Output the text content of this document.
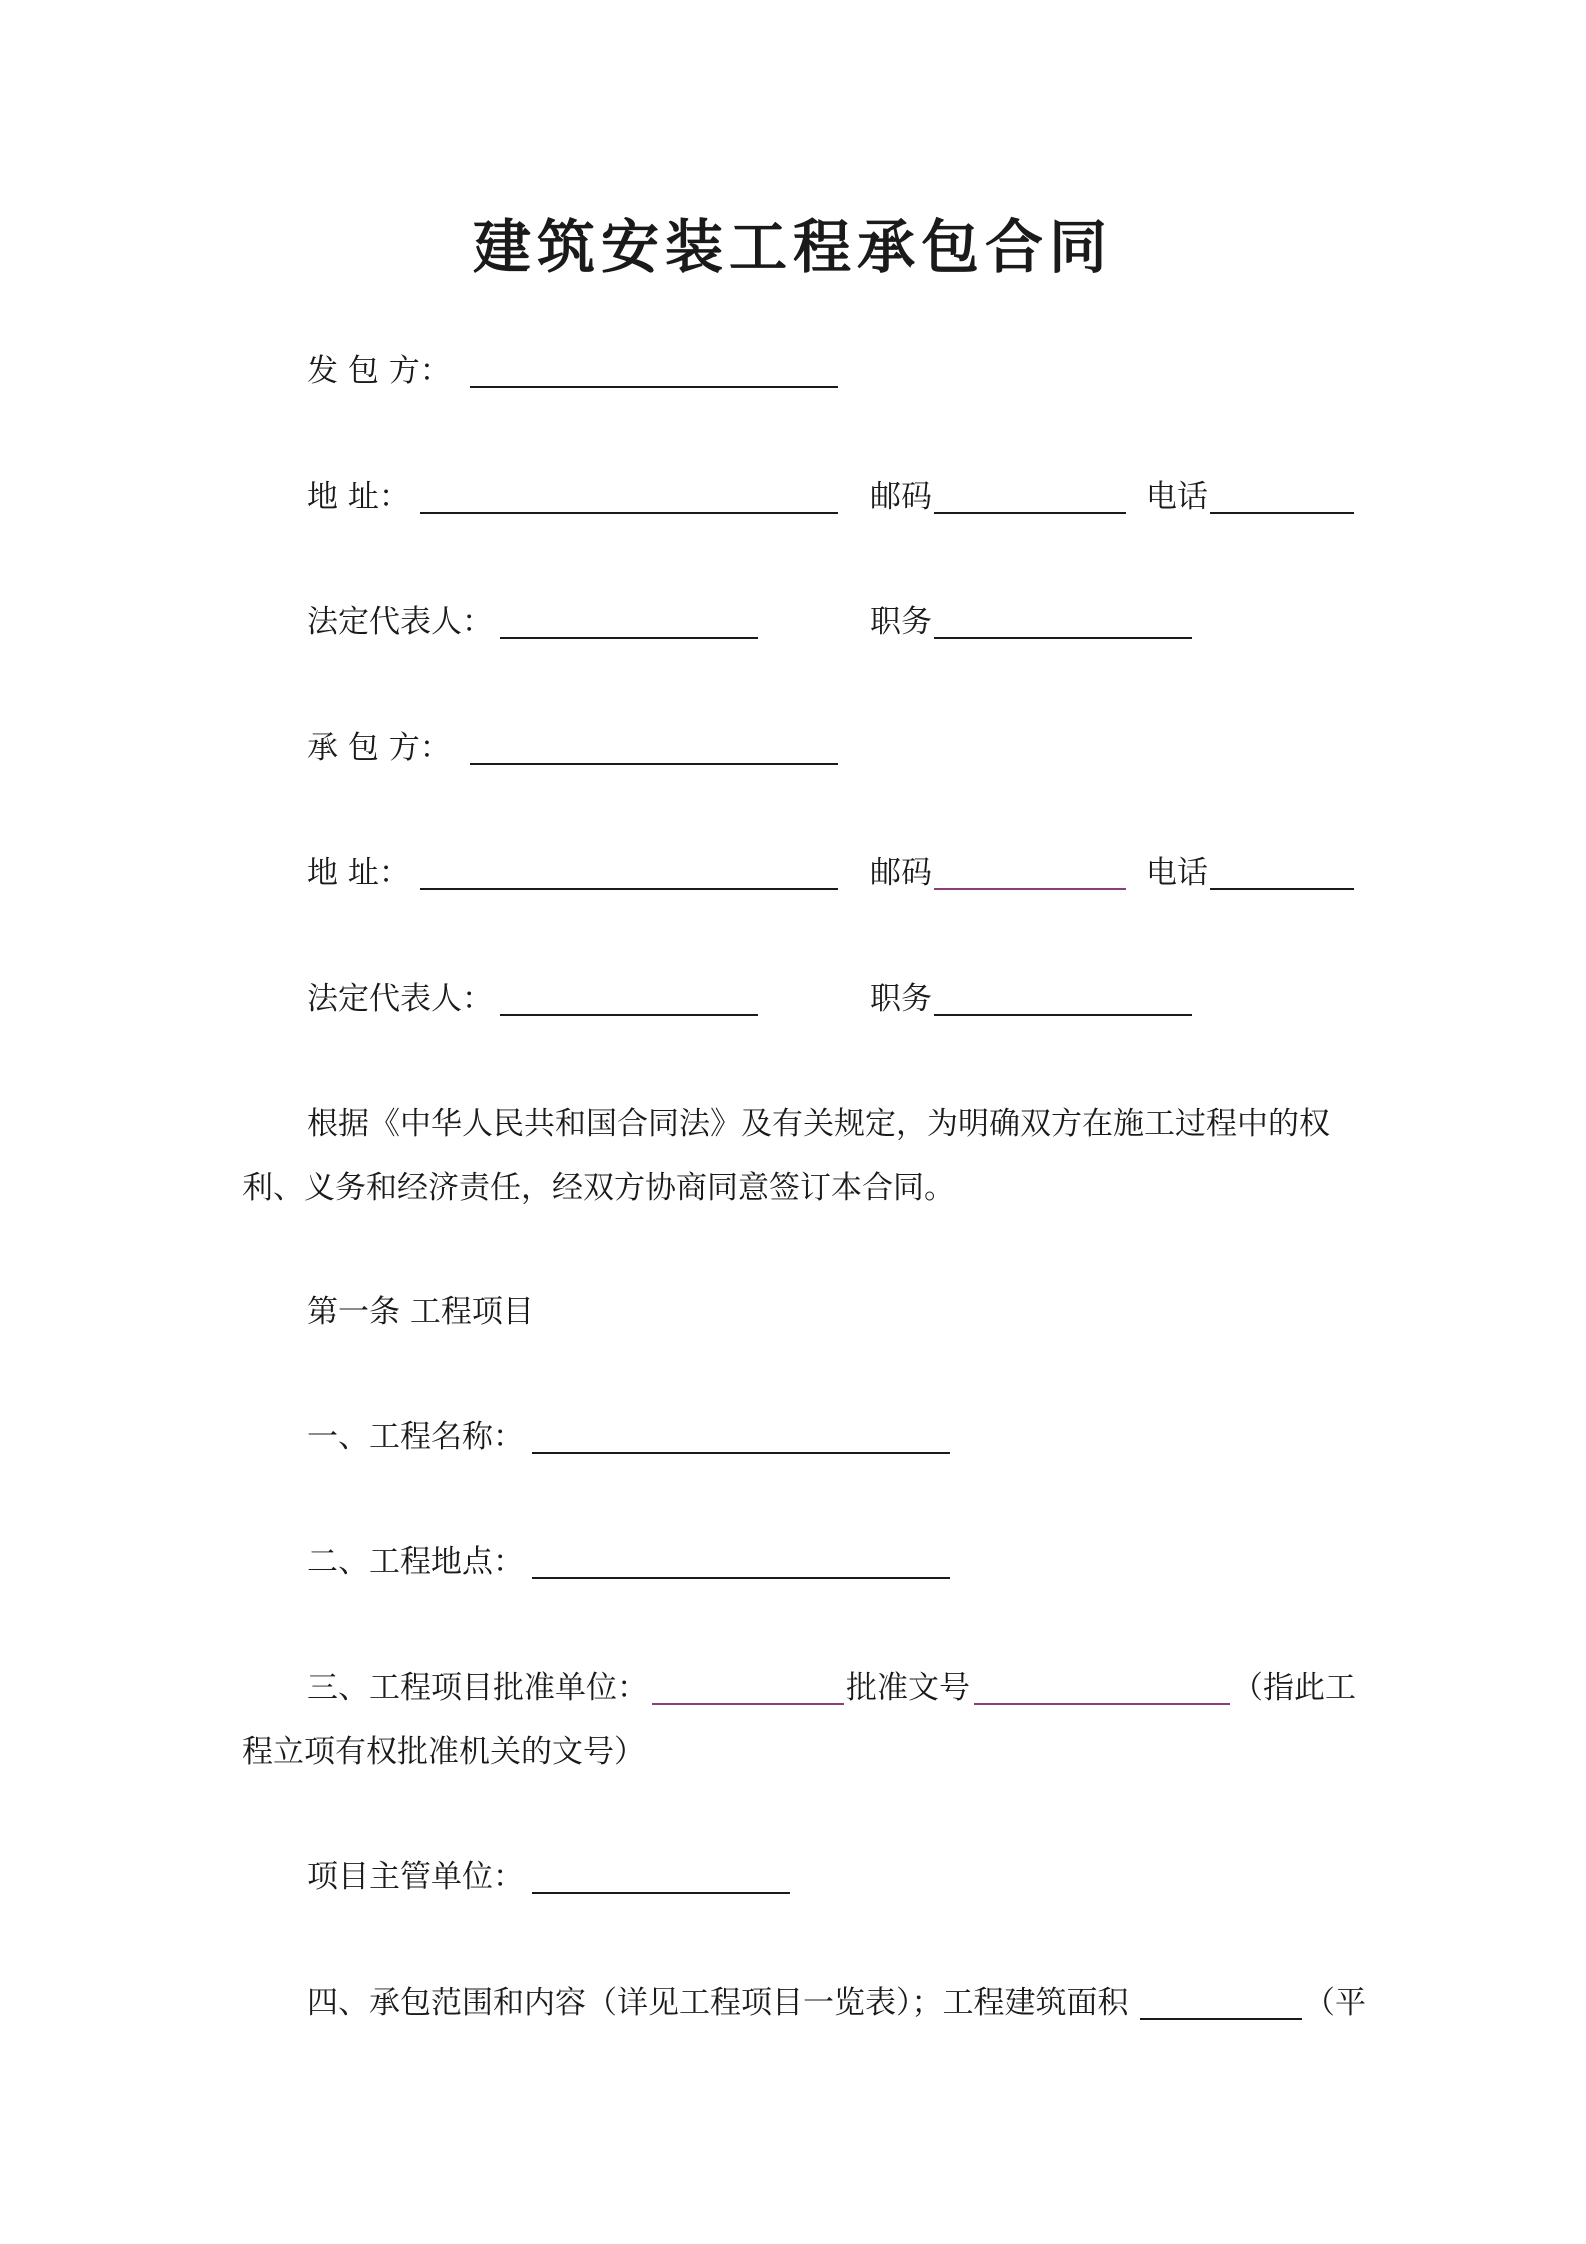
建筑安装工程承包合同
发 包 方：
地 址：	邮码	电话
法定代表人：	职务
承 包 方：
地 址：	邮码	电话
法定代表人：	职务
根据《中华人民共和国合同法》及有关规定，为明确双方在施工过程中的权
利、义务和经济责任，经双方协商同意签订本合同。
第一条 工程项目
一、工程名称：
二、工程地点：
三、工程项目批准单位：	批准文号	（指此工
程立项有权批准机关的文号）
项目主管单位：
四、承包范围和内容（详见工程项目一览表）；工程建筑面积	（平
